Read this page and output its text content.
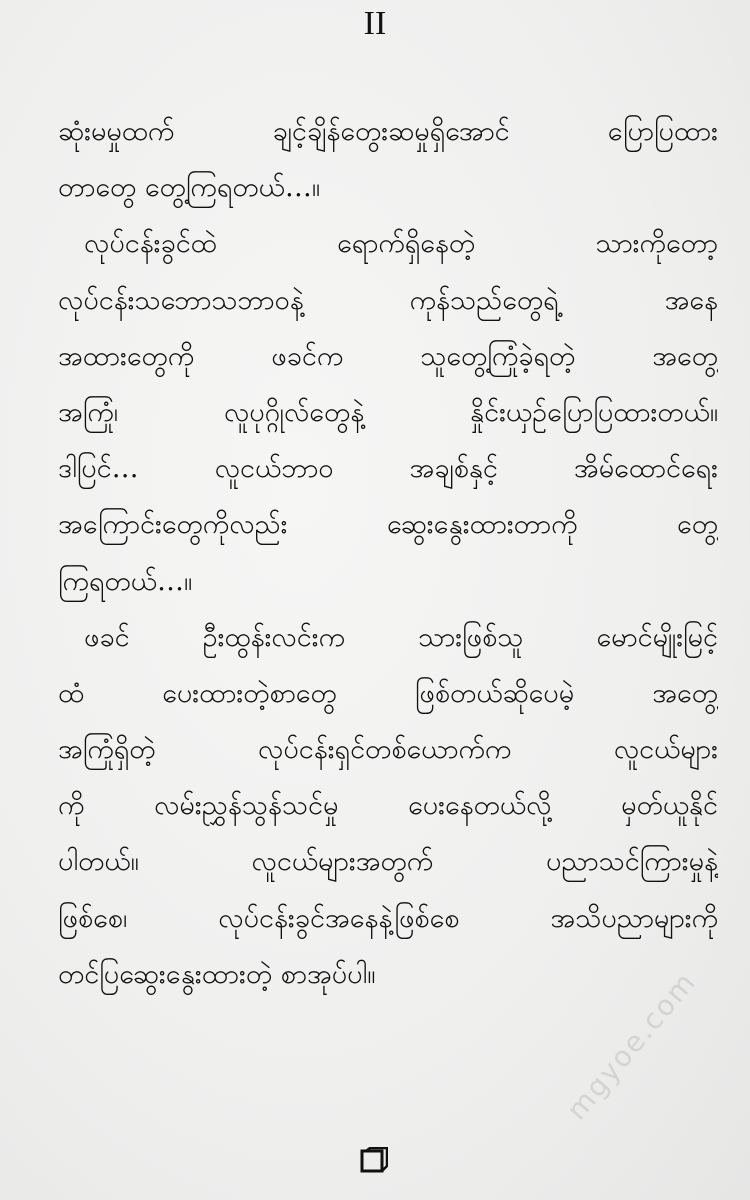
II
ဆုံးမမှုထက် ချင့်ချိန်တွေးဆမှုရှိအောင် ပြောပြထား
တာတွေ တွေ့ကြရတယ်…။
လုပ်ငန်းခွင်ထဲ ရောက်ရှိနေတဲ့ သားကိုတော့
လုပ်ငန်းသဘောသဘာဝနဲ့ ကုန်သည်တွေရဲ့ အနေ
အထားတွေကို ဖခင်က သူတွေ့ကြုံခဲ့ရတဲ့ အတွေ့
အကြုံ၊ လူပုဂ္ဂိုလ်တွေနဲ့ နှိုင်းယှဉ်ပြောပြထားတယ်။
ဒါပြင်… လူငယ်ဘာဝ အချစ်နှင့် အိမ်ထောင်ရေး
အကြောင်းတွေကိုလည်း ဆွေးနွေးထားတာကို တွေ့
ကြရတယ်…။
ဖခင် ဦးထွန်းလင်းက သားဖြစ်သူ မောင်မျိုးမြင့်
ထံ ပေးထားတဲ့စာတွေ ဖြစ်တယ်ဆိုပေမဲ့ အတွေ့
အကြုံရှိတဲ့ လုပ်ငန်းရှင်တစ်ယောက်က လူငယ်များ
ကို လမ်းညွှန်သွန်သင်မှု ပေးနေတယ်လို့ မှတ်ယူနိုင်
ပါတယ်။ လူငယ်များအတွက် ပညာသင်ကြားမှုနဲ့
ဖြစ်စေ၊ လုပ်ငန်းခွင်အနေနဲ့ဖြစ်စေ အသိပညာများကို
တင်ပြဆွေးနွေးထားတဲ့ စာအုပ်ပါ။	mgyoe.com
